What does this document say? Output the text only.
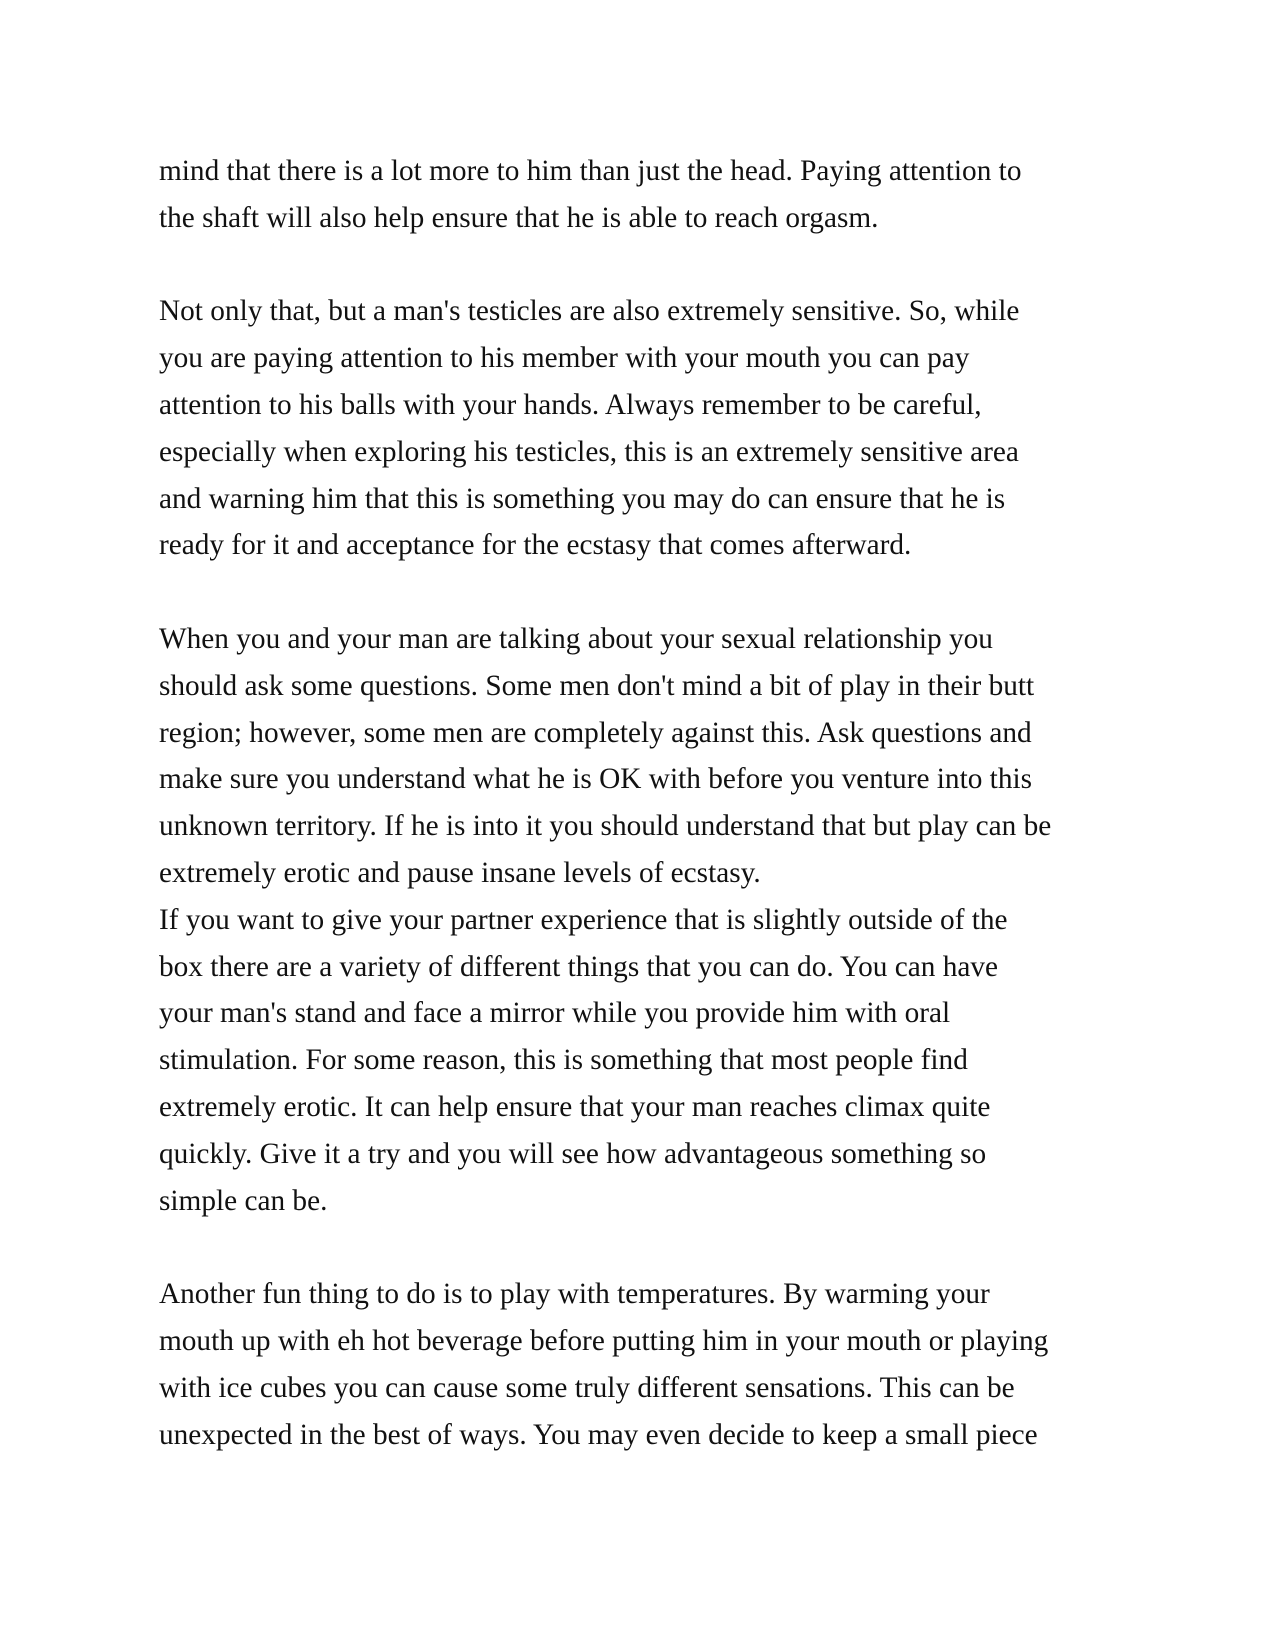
mind that there is a lot more to him than just the head. Paying attention to
the shaft will also help ensure that he is able to reach orgasm.
Not only that, but a man's testicles are also extremely sensitive. So, while
you are paying attention to his member with your mouth you can pay
attention to his balls with your hands. Always remember to be careful,
especially when exploring his testicles, this is an extremely sensitive area
and warning him that this is something you may do can ensure that he is
ready for it and acceptance for the ecstasy that comes afterward.
When you and your man are talking about your sexual relationship you
should ask some questions. Some men don't mind a bit of play in their butt
region; however, some men are completely against this. Ask questions and
make sure you understand what he is OK with before you venture into this
unknown territory. If he is into it you should understand that but play can be
extremely erotic and pause insane levels of ecstasy.
If you want to give your partner experience that is slightly outside of the
box there are a variety of different things that you can do. You can have
your man's stand and face a mirror while you provide him with oral
stimulation. For some reason, this is something that most people find
extremely erotic. It can help ensure that your man reaches climax quite
quickly. Give it a try and you will see how advantageous something so
simple can be.
Another fun thing to do is to play with temperatures. By warming your
mouth up with eh hot beverage before putting him in your mouth or playing
with ice cubes you can cause some truly different sensations. This can be
unexpected in the best of ways. You may even decide to keep a small piece
